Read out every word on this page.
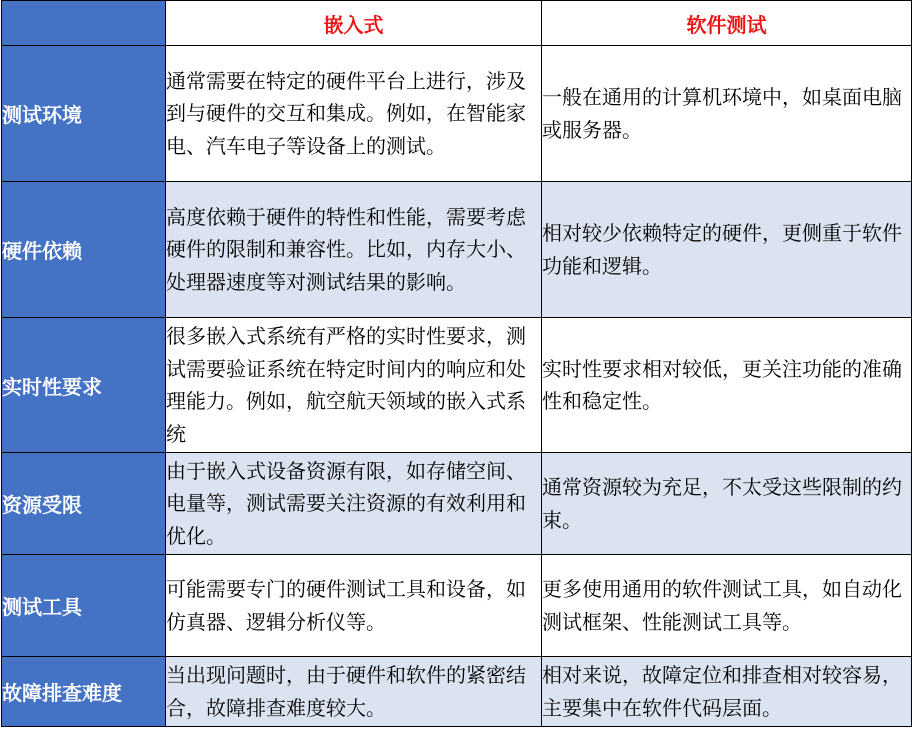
	嵌入式	软件测试
测试环境	通常需要在特定的硬件平台上进行，涉及到与硬件的交互和集成。例如，在智能家电、汽车电子等设备上的测试。	一般在通用的计算机环境中，如桌面电脑或服务器。
硬件依赖	高度依赖于硬件的特性和性能，需要考虑硬件的限制和兼容性。比如，内存大小、处理器速度等对测试结果的影响。	相对较少依赖特定的硬件，更侧重于软件功能和逻辑。
实时性要求	很多嵌入式系统有严格的实时性要求，测试需要验证系统在特定时间内的响应和处理能力。例如，航空航天领域的嵌入式系统	实时性要求相对较低，更关注功能的准确性和稳定性。
资源受限	由于嵌入式设备资源有限，如存储空间、电量等，测试需要关注资源的有效利用和优化。	通常资源较为充足，不太受这些限制的约束。
测试工具	可能需要专门的硬件测试工具和设备，如仿真器、逻辑分析仪等。	更多使用通用的软件测试工具，如自动化测试框架、性能测试工具等。
故障排查难度	当出现问题时，由于硬件和软件的紧密结合，故障排查难度较大。	相对来说，故障定位和排查相对较容易，主要集中在软件代码层面。
